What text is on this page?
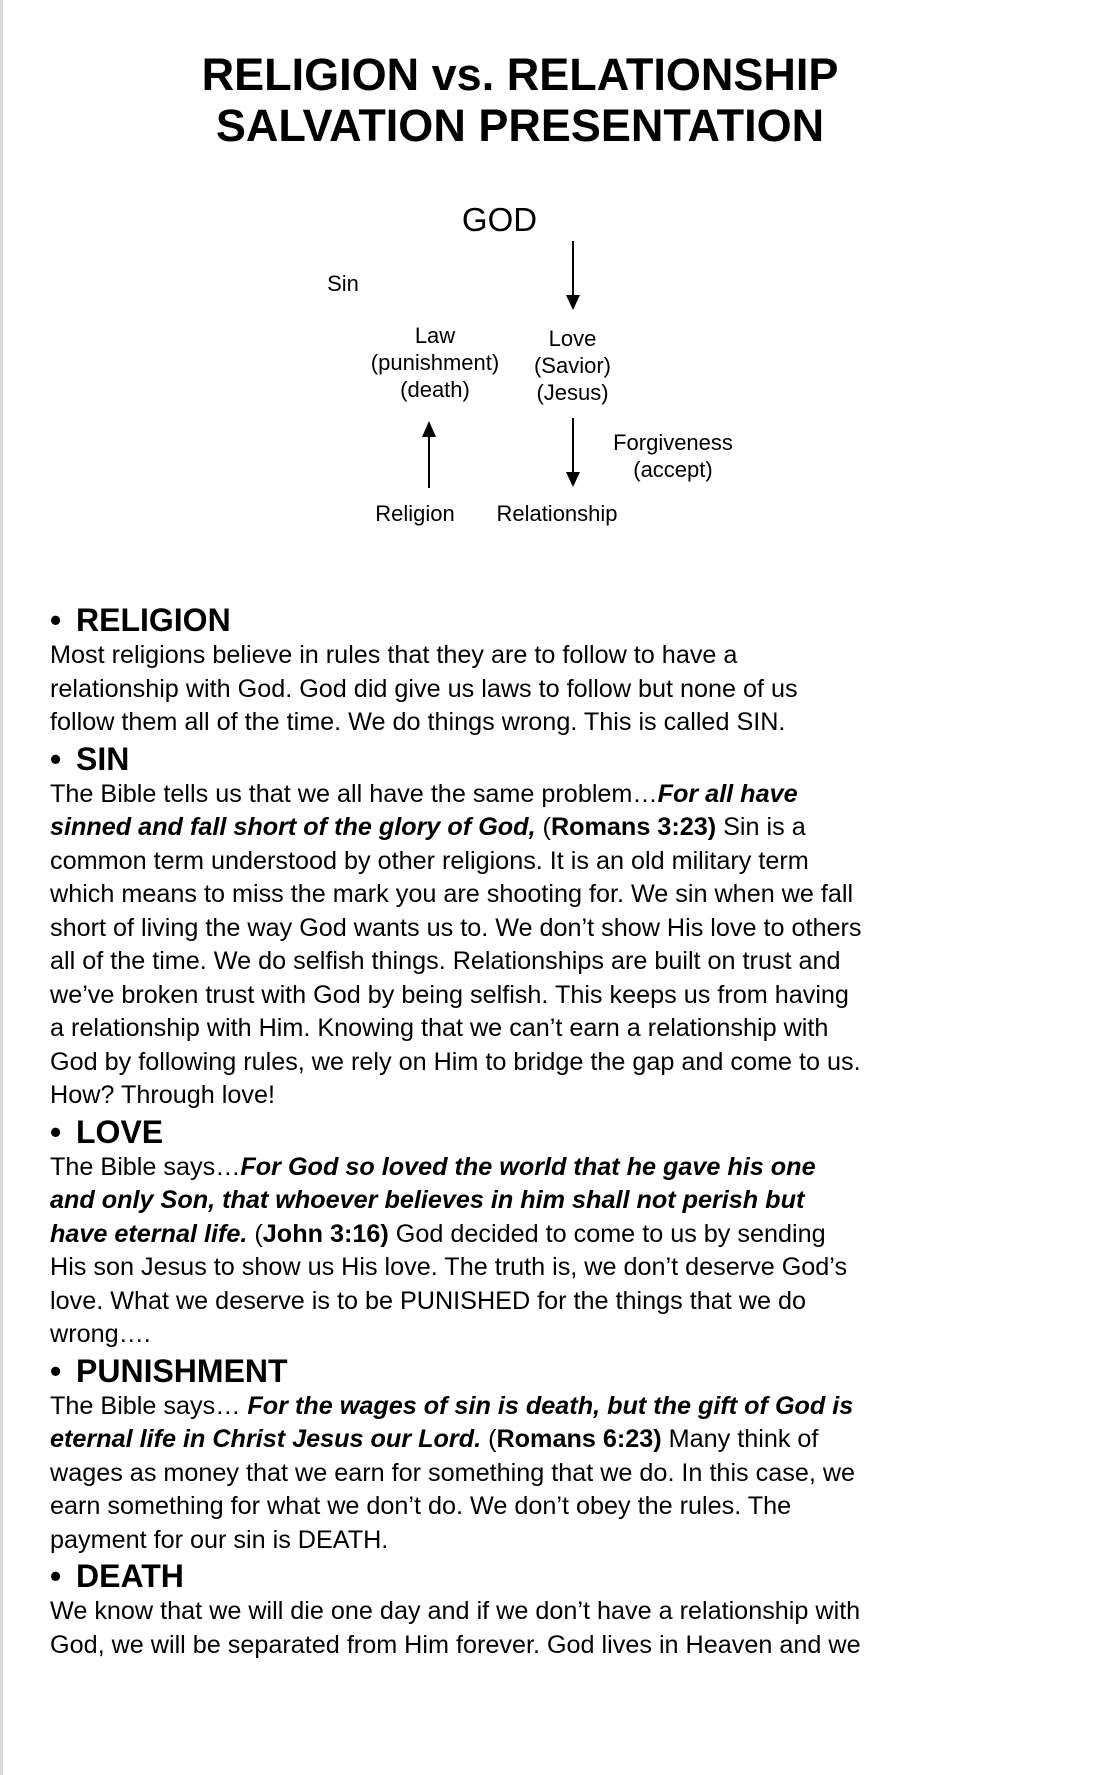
RELIGION vs. RELATIONSHIP
SALVATION PRESENTATION
GOD
Sin
Law
(punishment)
(death)
Love
(Savior)
(Jesus)
Forgiveness
(accept)
Religion	Relationship
• RELIGION
Most religions believe in rules that they are to follow to have a
relationship with God. God did give us laws to follow but none of us
follow them all of the time. We do things wrong. This is called SIN.
• SIN
The Bible tells us that we all have the same problem…For all have
sinned and fall short of the glory of God, (Romans 3:23) Sin is a
common term understood by other religions. It is an old military term
which means to miss the mark you are shooting for. We sin when we fall
short of living the way God wants us to. We don’t show His love to others
all of the time. We do selfish things. Relationships are built on trust and
we’ve broken trust with God by being selfish. This keeps us from having
a relationship with Him. Knowing that we can’t earn a relationship with
God by following rules, we rely on Him to bridge the gap and come to us.
How? Through love!
• LOVE
The Bible says…For God so loved the world that he gave his one
and only Son, that whoever believes in him shall not perish but
have eternal life. (John 3:16) God decided to come to us by sending
His son Jesus to show us His love. The truth is, we don’t deserve God’s
love. What we deserve is to be PUNISHED for the things that we do
wrong….
• PUNISHMENT
The Bible says… For the wages of sin is death, but the gift of God is
eternal life in Christ Jesus our Lord. (Romans 6:23) Many think of
wages as money that we earn for something that we do. In this case, we
earn something for what we don’t do. We don’t obey the rules. The
payment for our sin is DEATH.
• DEATH
We know that we will die one day and if we don’t have a relationship with
God, we will be separated from Him forever. God lives in Heaven and we
